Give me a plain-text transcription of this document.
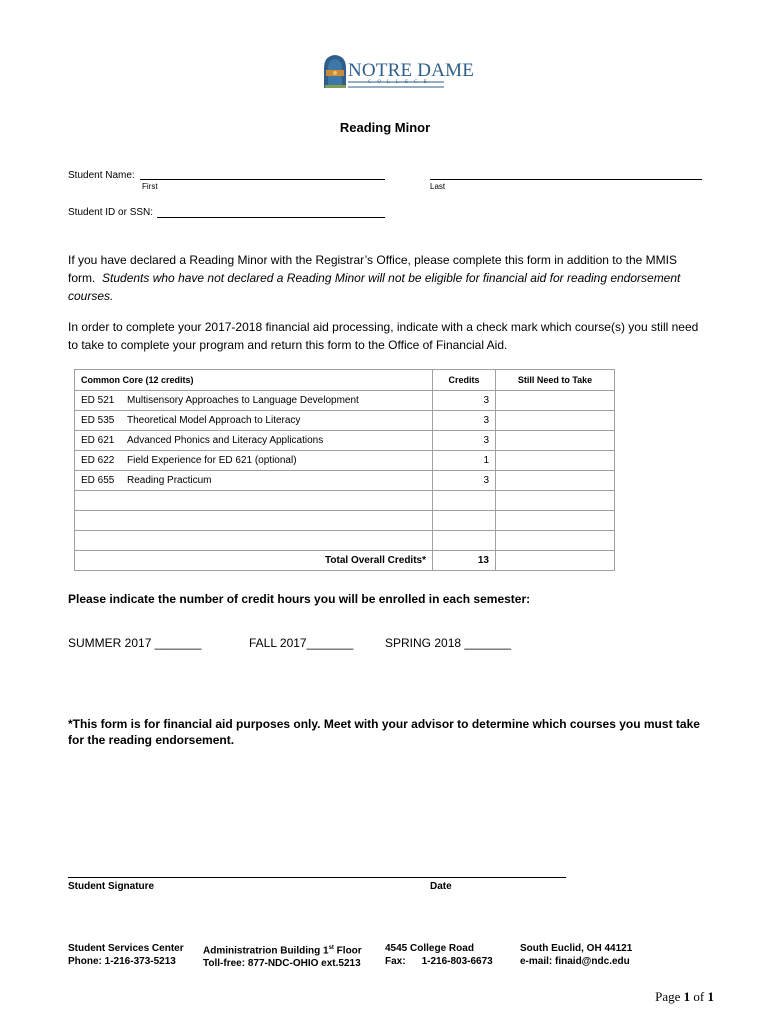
NOTRE DAME
COLLEGE
Reading Minor
Student Name:
First	Last
Student ID or SSN:
If you have declared a Reading Minor with the Registrar’s Office, please complete this form in addition to the MMIS form. Students who have not declared a Reading Minor will not be eligible for financial aid for reading endorsement courses.
In order to complete your 2017-2018 financial aid processing, indicate with a check mark which course(s) you still need to take to complete your program and return this form to the Office of Financial Aid.
Common Core (12 credits)	Credits	Still Need to Take
ED 521 Multisensory Approaches to Language Development	3	
ED 535 Theoretical Model Approach to Literacy	3	
ED 621 Advanced Phonics and Literacy Applications	3	
ED 622 Field Experience for ED 621 (optional)	1	
ED 655 Reading Practicum	3	

Total Overall Credits*	13	
Please indicate the number of credit hours you will be enrolled in each semester:
SUMMER 2017 _______	FALL 2017_______	SPRING 2018 _______
*This form is for financial aid purposes only. Meet with your advisor to determine which courses you must take for the reading endorsement.
Student Signature	Date
Student Services Center
Phone: 1-216-373-5213
Administratrion Building 1st Floor
Toll-free: 877-NDC-OHIO ext.5213
4545 College Road
Fax: 1-216-803-6673
South Euclid, OH 44121
e-mail: finaid@ndc.edu
Page 1 of 1
